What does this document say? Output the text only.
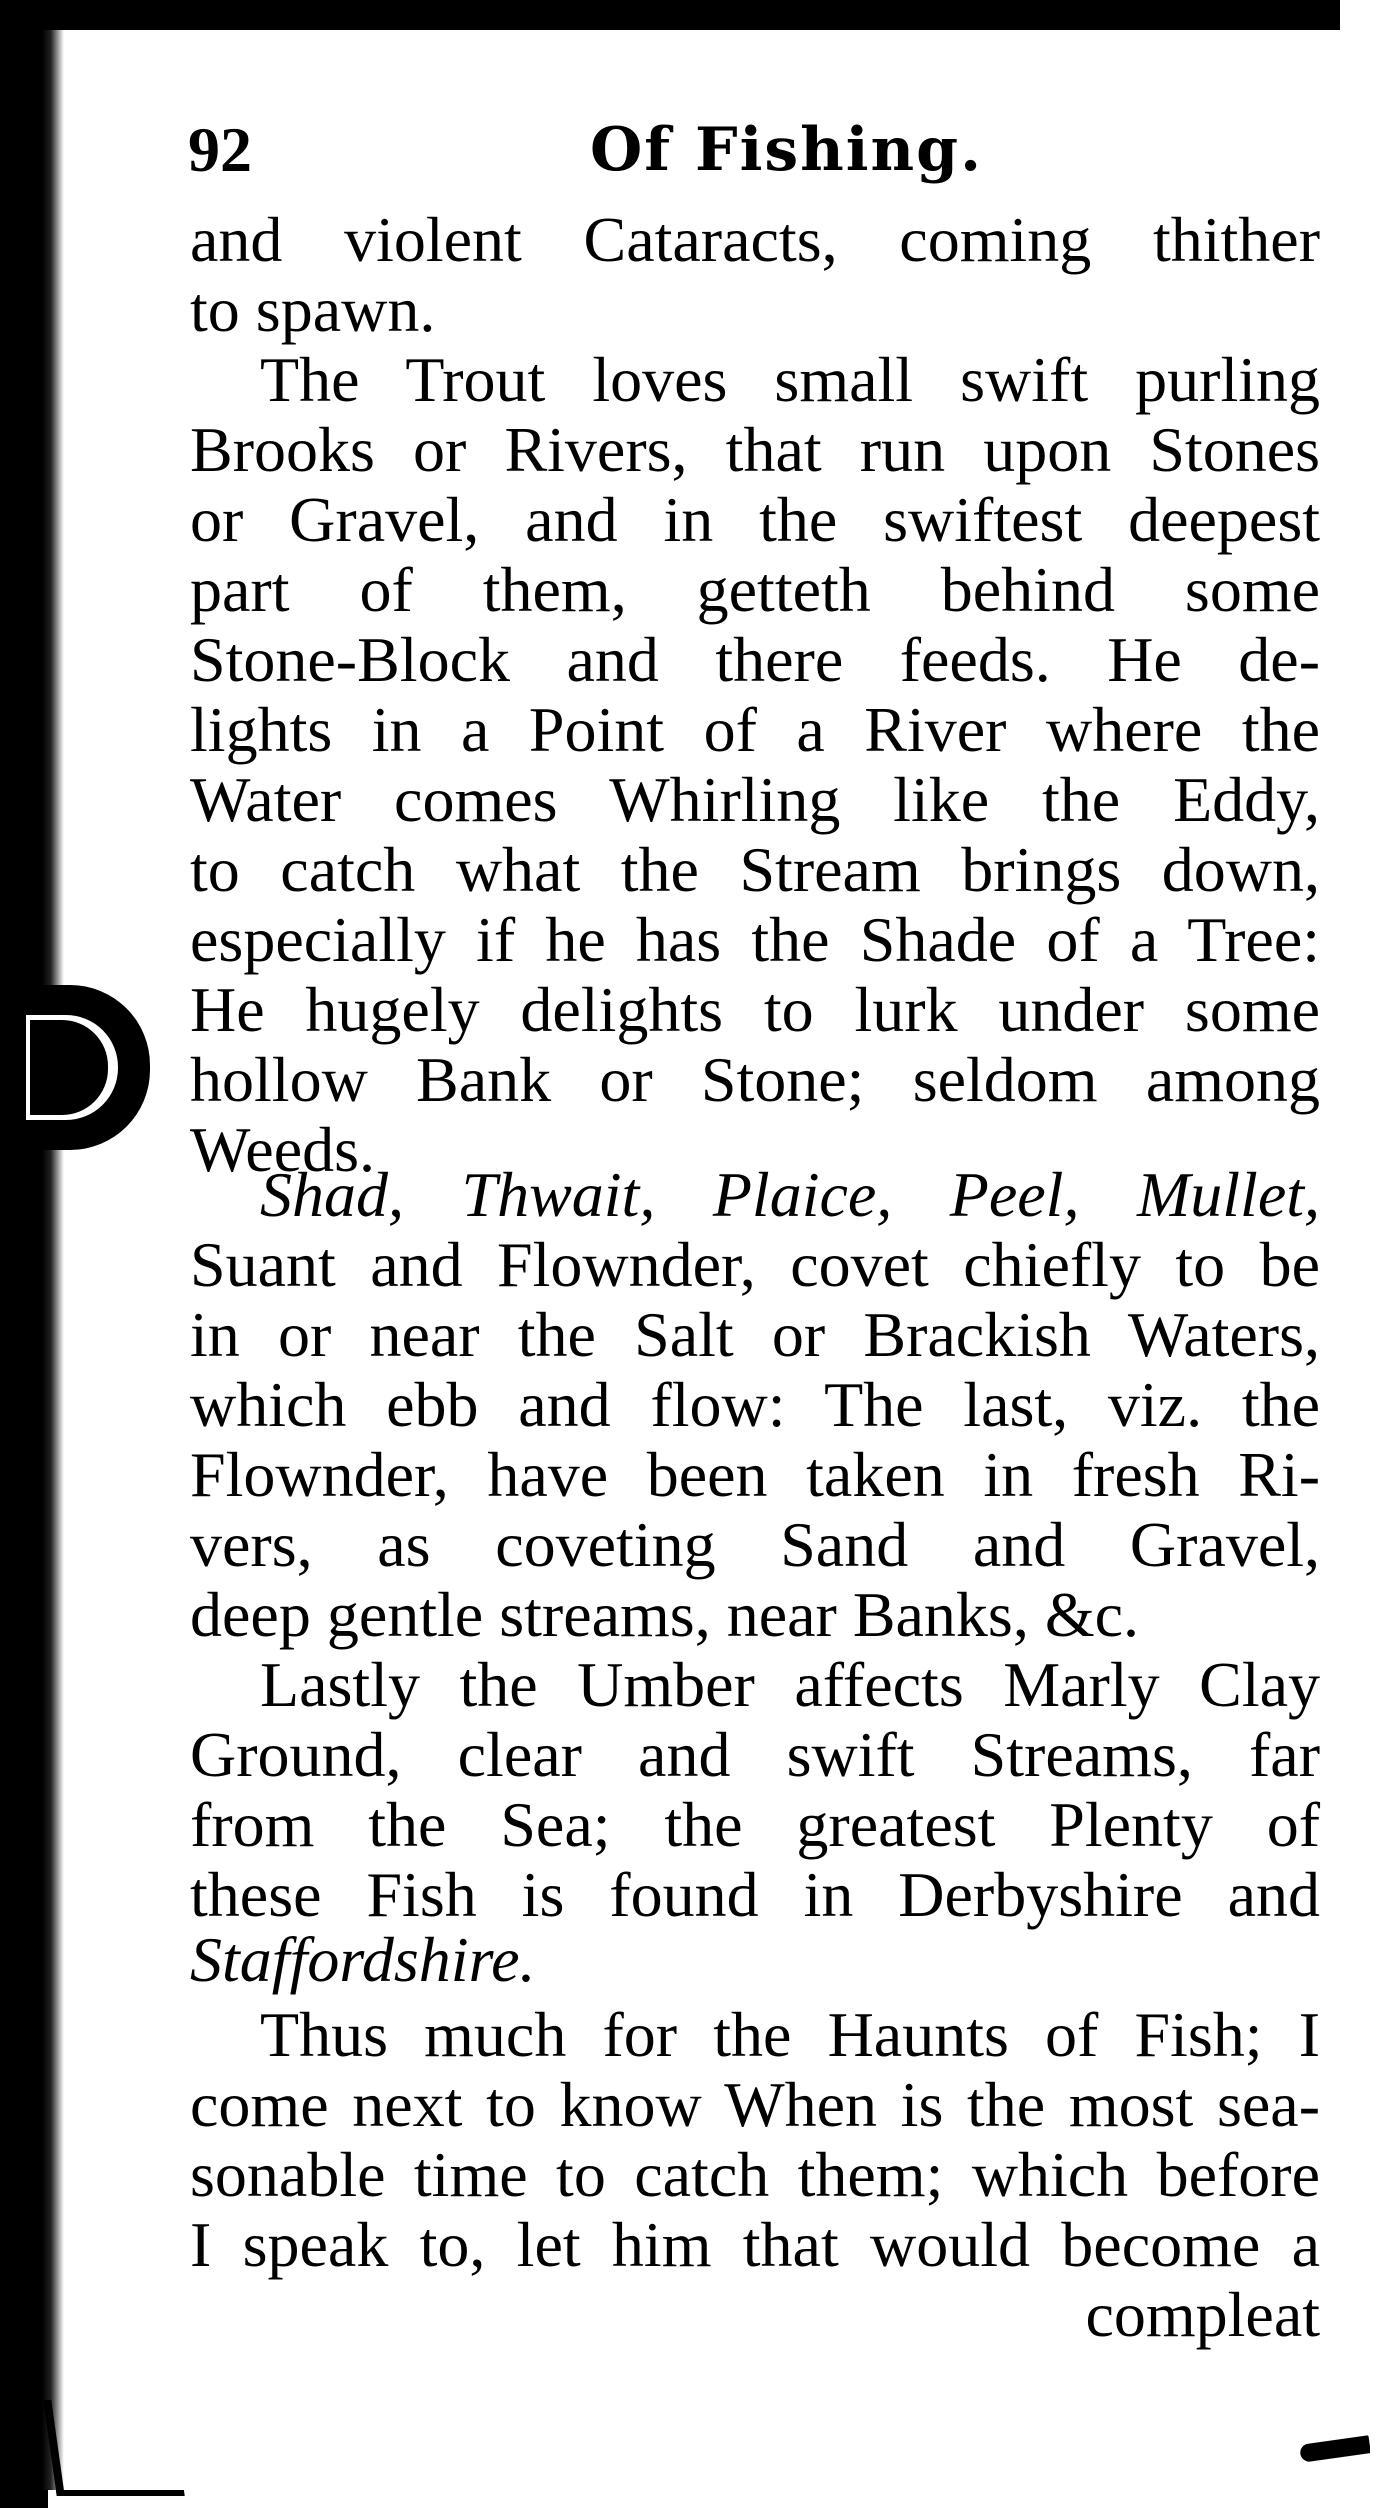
92	Of Fishing.
and violent Cataracts, coming thither
to spawn.
The Trout loves small swift purling
Brooks or Rivers, that run upon Stones
or Gravel, and in the swiftest deepest
part of them, getteth behind some
Stone-Block and there feeds. He de-
lights in a Point of a River where the
Water comes Whirling like the Eddy,
to catch what the Stream brings down,
especially if he has the Shade of a Tree:
He hugely delights to lurk under some
hollow Bank or Stone; seldom among
Weeds.
Shad, Thwait, Plaice, Peel, Mullet,
Suant and Flownder, covet chiefly to be
in or near the Salt or Brackish Waters,
which ebb and flow: The last, viz. the
Flownder, have been taken in fresh Ri-
vers, as coveting Sand and Gravel,
deep gentle streams, near Banks, &c.
Lastly the Umber affects Marly Clay
Ground, clear and swift Streams, far
from the Sea; the greatest Plenty of
these Fish is found in Derbyshire and
Staffordshire.
Thus much for the Haunts of Fish; I
come next to know When is the most sea-
sonable time to catch them; which before
I speak to, let him that would become a
compleat
